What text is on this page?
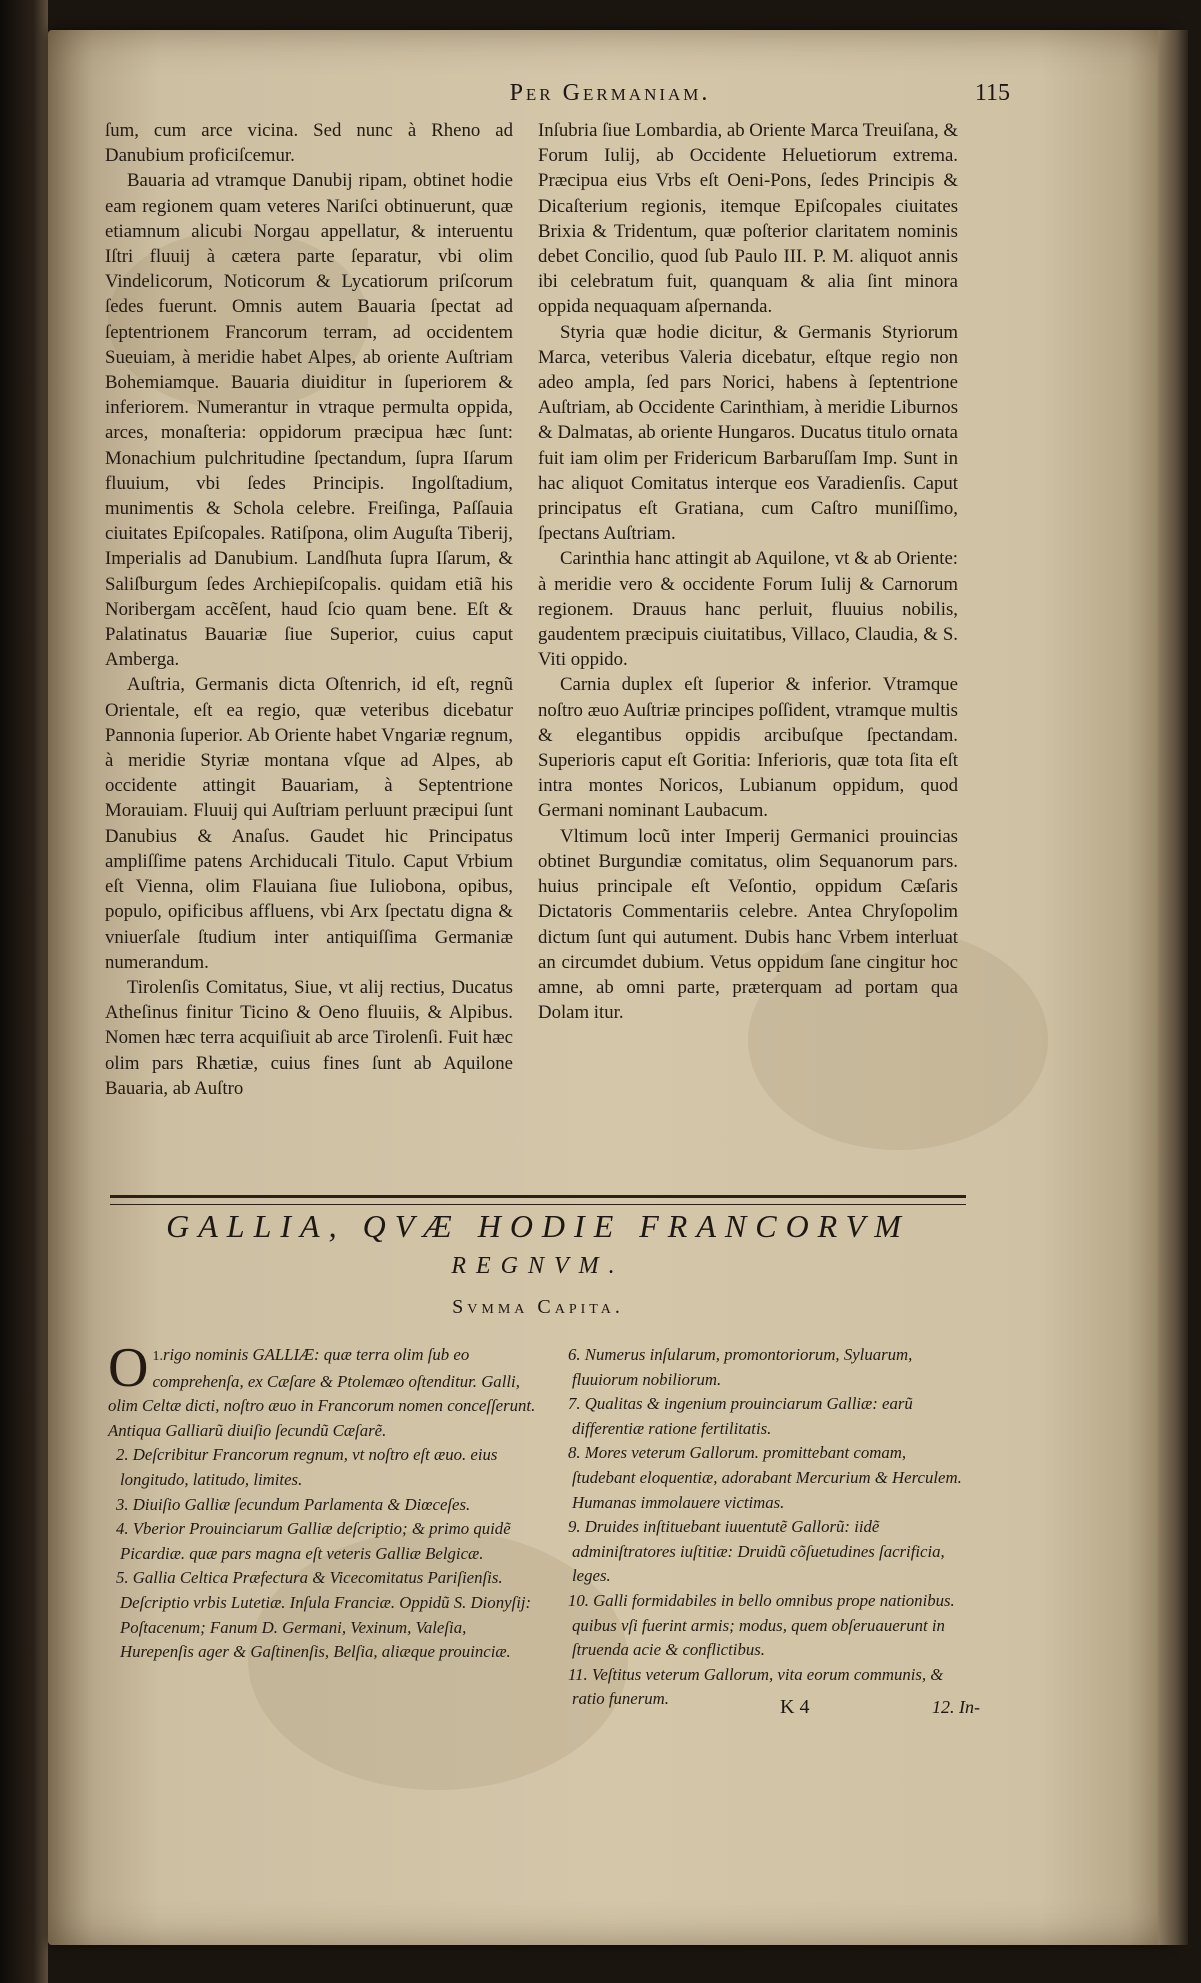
Per Germaniam.	115

ſum, cum arce vicina. Sed nunc à Rheno ad Danubium proficiſcemur.

Bauaria ad vtramque Danubij ripam, obtinet hodie eam regionem quam veteres Nariſci obtinuerunt, quæ etiamnum alicubi Norgau appellatur, & interuentu Iſtri fluuij à cætera parte ſeparatur, vbi olim Vindelicorum, Noticorum & Lycatiorum priſcorum ſedes fuerunt. Omnis autem Bauaria ſpectat ad ſeptentrionem Francorum terram, ad occidentem Sueuiam, à meridie habet Alpes, ab oriente Auſtriam Bohemiamque. Bauaria diuiditur in ſuperiorem & inferiorem. Numerantur in vtraque permulta oppida, arces, monaſteria: oppidorum præcipua hæc ſunt: Monachium pulchritudine ſpectandum, ſupra Iſarum fluuium, vbi ſedes Principis. Ingolſtadium, munimentis & Schola celebre. Freiſinga, Paſſauia ciuitates Epiſcopales. Ratiſpona, olim Auguſta Tiberij, Imperialis ad Danubium. Landſhuta ſupra Iſarum, & Saliſburgum ſedes Archiepiſcopalis. quidam etiã his Noribergam accẽſent, haud ſcio quam bene. Eſt & Palatinatus Bauariæ ſiue Superior, cuius caput Amberga.

Auſtria, Germanis dicta Oſtenrich, id eſt, regnũ Orientale, eſt ea regio, quæ veteribus dicebatur Pannonia ſuperior. Ab Oriente habet Vngariæ regnum, à meridie Styriæ montana vſque ad Alpes, ab occidente attingit Bauariam, à Septentrione Morauiam. Fluuij qui Auſtriam perluunt præcipui ſunt Danubius & Anaſus. Gaudet hic Principatus ampliſſime patens Archiducali Titulo. Caput Vrbium eſt Vienna, olim Flauiana ſiue Iuliobona, opibus, populo, opificibus affluens, vbi Arx ſpectatu digna & vniuerſale ſtudium inter antiquiſſima Germaniæ numerandum.

Tirolenſis Comitatus, Siue, vt alij rectius, Ducatus Atheſinus finitur Ticino & Oeno fluuiis, & Alpibus. Nomen hæc terra acquiſiuit ab arce Tirolenſi. Fuit hæc olim pars Rhætiæ, cuius fines ſunt ab Aquilone Bauaria, ab Auſtro

Inſubria ſiue Lombardia, ab Oriente Marca Treuiſana, & Forum Iulij, ab Occidente Heluetiorum extrema. Præcipua eius Vrbs eſt Oeni-Pons, ſedes Principis & Dicaſterium regionis, itemque Epiſcopales ciuitates Brixia & Tridentum, quæ poſterior claritatem nominis debet Concilio, quod ſub Paulo III. P. M. aliquot annis ibi celebratum fuit, quanquam & alia ſint minora oppida nequaquam aſpernanda.

Styria quæ hodie dicitur, & Germanis Styriorum Marca, veteribus Valeria dicebatur, eſtque regio non adeo ampla, ſed pars Norici, habens à ſeptentrione Auſtriam, ab Occidente Carinthiam, à meridie Liburnos & Dalmatas, ab oriente Hungaros. Ducatus titulo ornata fuit iam olim per Fridericum Barbaruſſam Imp. Sunt in hac aliquot Comitatus interque eos Varadienſis. Caput principatus eſt Gratiana, cum Caſtro muniſſimo, ſpectans Auſtriam.

Carinthia hanc attingit ab Aquilone, vt & ab Oriente: à meridie vero & occidente Forum Iulij & Carnorum regionem. Drauus hanc perluit, fluuius nobilis, gaudentem præcipuis ciuitatibus, Villaco, Claudia, & S. Viti oppido.

Carnia duplex eſt ſuperior & inferior. Vtramque noſtro æuo Auſtriæ principes poſſident, vtramque multis & elegantibus oppidis arcibuſque ſpectandam. Superioris caput eſt Goritia: Inferioris, quæ tota ſita eſt intra montes Noricos, Lubianum oppidum, quod Germani nominant Laubacum.

Vltimum locũ inter Imperij Germanici prouincias obtinet Burgundiæ comitatus, olim Sequanorum pars. huius principale eſt Veſontio, oppidum Cæſaris Dictatoris Commentariis celebre. Antea Chryſopolim dictum ſunt qui autument. Dubis hanc Vrbem interluat an circumdet dubium. Vetus oppidum ſane cingitur hoc amne, ab omni parte, præterquam ad portam qua Dolam itur.

GALLIA, QVÆ HODIE FRANCORVM
REGNVM.
Svmma Capita.

1.
O rigo nominis GALLIÆ: quæ terra olim ſub eo comprehenſa, ex Cæſare & Ptolemæo oſtenditur. Galli, olim Celtæ dicti, noſtro æuo in Francorum nomen conceſſerunt. Antiqua Galliarũ diuiſio ſecundũ Cæſarẽ.

2. Deſcribitur Francorum regnum, vt noſtro eſt æuo. eius longitudo, latitudo, limites.

3. Diuiſio Galliæ ſecundum Parlamenta & Diœceſes.

4. Vberior Prouinciarum Galliæ deſcriptio; & primo quidẽ Picardiæ. quæ pars magna eſt veteris Galliæ Belgicæ.

5. Gallia Celtica Præfectura & Vicecomitatus Pariſienſis. Deſcriptio vrbis Lutetiæ. Inſula Franciæ. Oppidũ S. Dionyſij: Poſtacenum; Fanum D. Germani, Vexinum, Valeſia, Hurepenſis ager & Gaſtinenſis, Belſia, aliæque prouinciæ.

6. Numerus inſularum, promontoriorum, Syluarum, fluuiorum nobiliorum.

7. Qualitas & ingenium prouinciarum Galliæ: earũ differentiæ ratione fertilitatis.

8. Mores veterum Gallorum. promittebant comam, ſtudebant eloquentiæ, adorabant Mercurium & Herculem. Humanas immolauere victimas.

9. Druides inſtituebant iuuentutẽ Gallorũ: iidẽ adminiſtratores iuſtitiæ: Druidũ cõſuetudines ſacrificia, leges.

10. Galli formidabiles in bello omnibus prope nationibus. quibus vſi fuerint armis; modus, quem obſeruauerunt in ſtruenda acie & conflictibus.

11. Veſtitus veterum Gallorum, vita eorum communis, & ratio funerum.	K 4	12. In-
